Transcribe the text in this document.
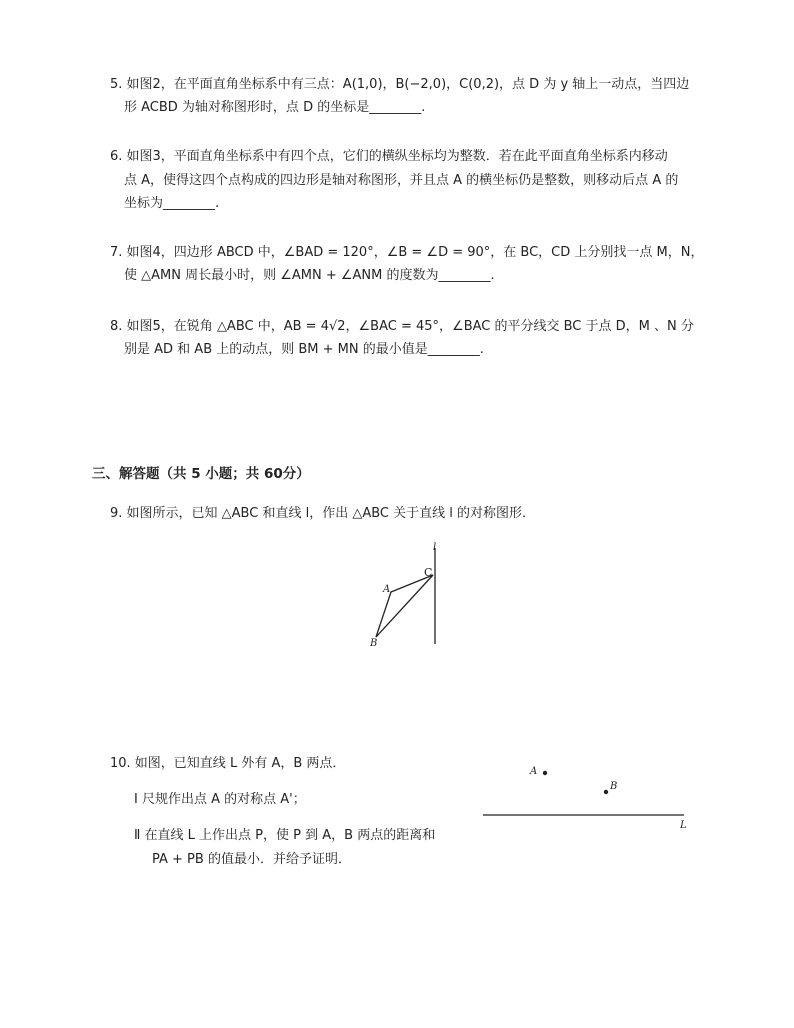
5. 如图2，在平面直角坐标系中有三点：A(1,0)，B(−2,0)，C(0,2)，点 D 为 y 轴上一动点，当四边
形 ACBD 为轴对称图形时，点 D 的坐标是________.
6. 如图3，平面直角坐标系中有四个点，它们的横纵坐标均为整数．若在此平面直角坐标系内移动
点 A，使得这四个点构成的四边形是轴对称图形，并且点 A 的横坐标仍是整数，则移动后点 A 的
坐标为________.
7. 如图4，四边形 ABCD 中，∠BAD = 120°，∠B = ∠D = 90°，在 BC，CD 上分别找一点 M，N，
使 △AMN 周长最小时，则 ∠AMN + ∠ANM 的度数为________.
8. 如图5，在锐角 △ABC 中，AB = 4√2，∠BAC = 45°，∠BAC 的平分线交 BC 于点 D，M 、N 分
别是 AD 和 AB 上的动点，则 BM + MN 的最小值是________.
三、解答题（共 5 小题；共 60分）
9. 如图所示，已知 △ABC 和直线 l，作出 △ABC 关于直线 l 的对称图形．
l
A
B
C
10. 如图，已知直线 L 外有 A，B 两点．
Ⅰ 尺规作出点 A 的对称点 A'；
Ⅱ 在直线 L 上作出点 P，使 P 到 A，B 两点的距离和
PA + PB 的值最小．并给予证明．
A
B
L
